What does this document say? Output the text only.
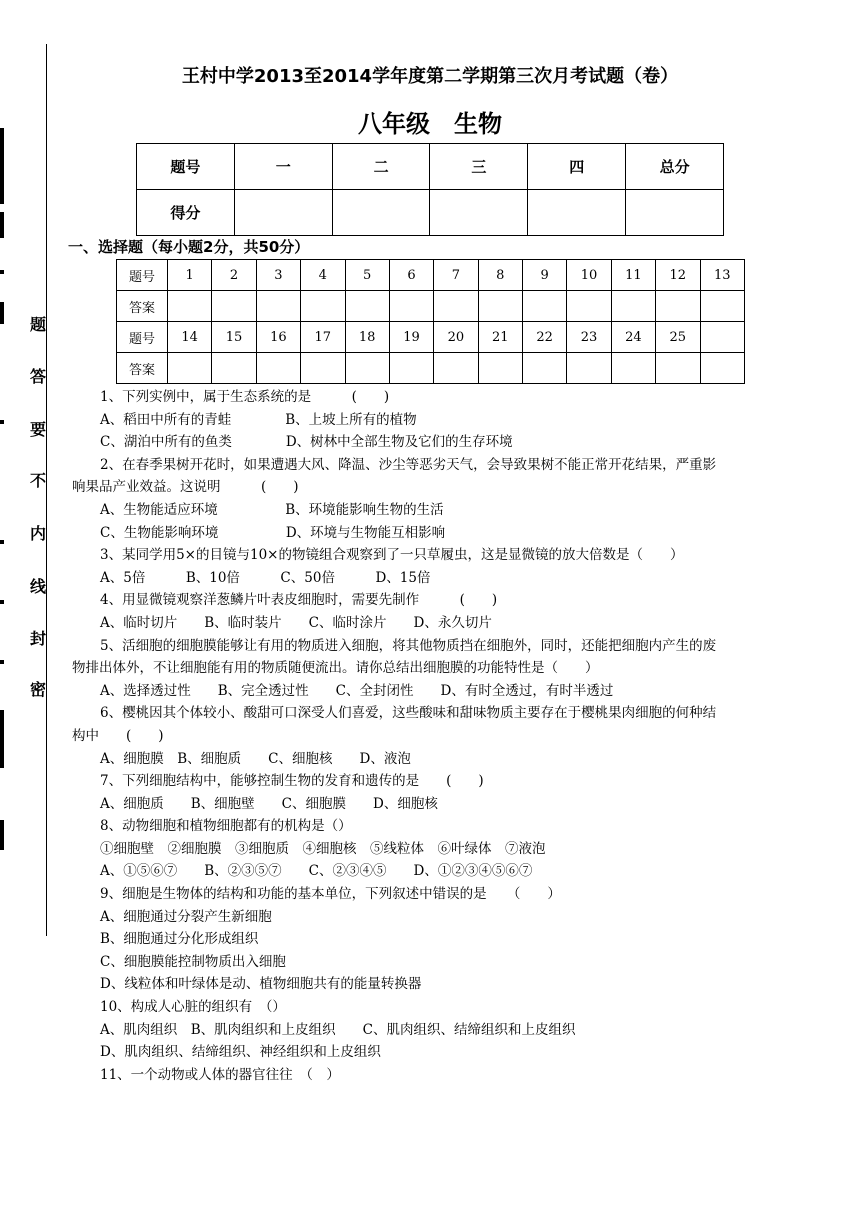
题
答
要
不
内
线
封
密
王村中学2013至2014学年度第二学期第三次月考试题（卷）
八年级　生物
题号	一	二	三	四	总分
得分					
一、选择题（每小题2分，共50分）
题号	1	2	3	4	5	6	7	8	9	10	11	12	13
答案													
题号	14	15	16	17	18	19	20	21	22	23	24	25	
答案													
1、下列实例中，属于生态系统的是　　　(　　)
A、稻田中所有的青蛙　　　　B、上坡上所有的植物
C、湖泊中所有的鱼类　　　　D、树林中全部生物及它们的生存环境
2、在春季果树开花时，如果遭遇大风、降温、沙尘等恶劣天气，会导致果树不能正常开花结果，严重影
响果品产业效益。这说明　　　(　　)
A、生物能适应环境　　　　　B、环境能影响生物的生活
C、生物能影响环境　　　　　D、环境与生物能互相影响
3、某同学用5×的目镜与10×的物镜组合观察到了一只草履虫，这是显微镜的放大倍数是（　　）
A、5倍　　　B、10倍　　　C、50倍　　　D、15倍
4、用显微镜观察洋葱鳞片叶表皮细胞时，需要先制作　　　(　　)
A、临时切片　　B、临时装片　　C、临时涂片　　D、永久切片
5、活细胞的细胞膜能够让有用的物质进入细胞，将其他物质挡在细胞外，同时，还能把细胞内产生的废
物排出体外，不让细胞能有用的物质随便流出。请你总结出细胞膜的功能特性是（　　）
A、选择透过性　　B、完全透过性　　C、全封闭性　　D、有时全透过，有时半透过
6、樱桃因其个体较小、酸甜可口深受人们喜爱，这些酸味和甜味物质主要存在于樱桃果肉细胞的何种结
构中　　(　　)
A、细胞膜　B、细胞质　　C、细胞核　　D、液泡
7、下列细胞结构中，能够控制生物的发育和遗传的是　　(　　)
A、细胞质　　B、细胞壁　　C、细胞膜　　D、细胞核
8、动物细胞和植物细胞都有的机构是（）
①细胞壁　②细胞膜　③细胞质　④细胞核　⑤线粒体　⑥叶绿体　⑦液泡
A、①⑤⑥⑦　　B、②③⑤⑦　　C、②③④⑤　　D、①②③④⑤⑥⑦
9、细胞是生物体的结构和功能的基本单位，下列叙述中错误的是　　（　　）
A、细胞通过分裂产生新细胞
B、细胞通过分化形成组织
C、细胞膜能控制物质出入细胞
D、线粒体和叶绿体是动、植物细胞共有的能量转换器
10、构成人心脏的组织有　（）
A、肌肉组织　B、肌肉组织和上皮组织　　C、肌肉组织、结缔组织和上皮组织
D、肌肉组织、结缔组织、神经组织和上皮组织
11、一个动物或人体的器官往往　（　）
